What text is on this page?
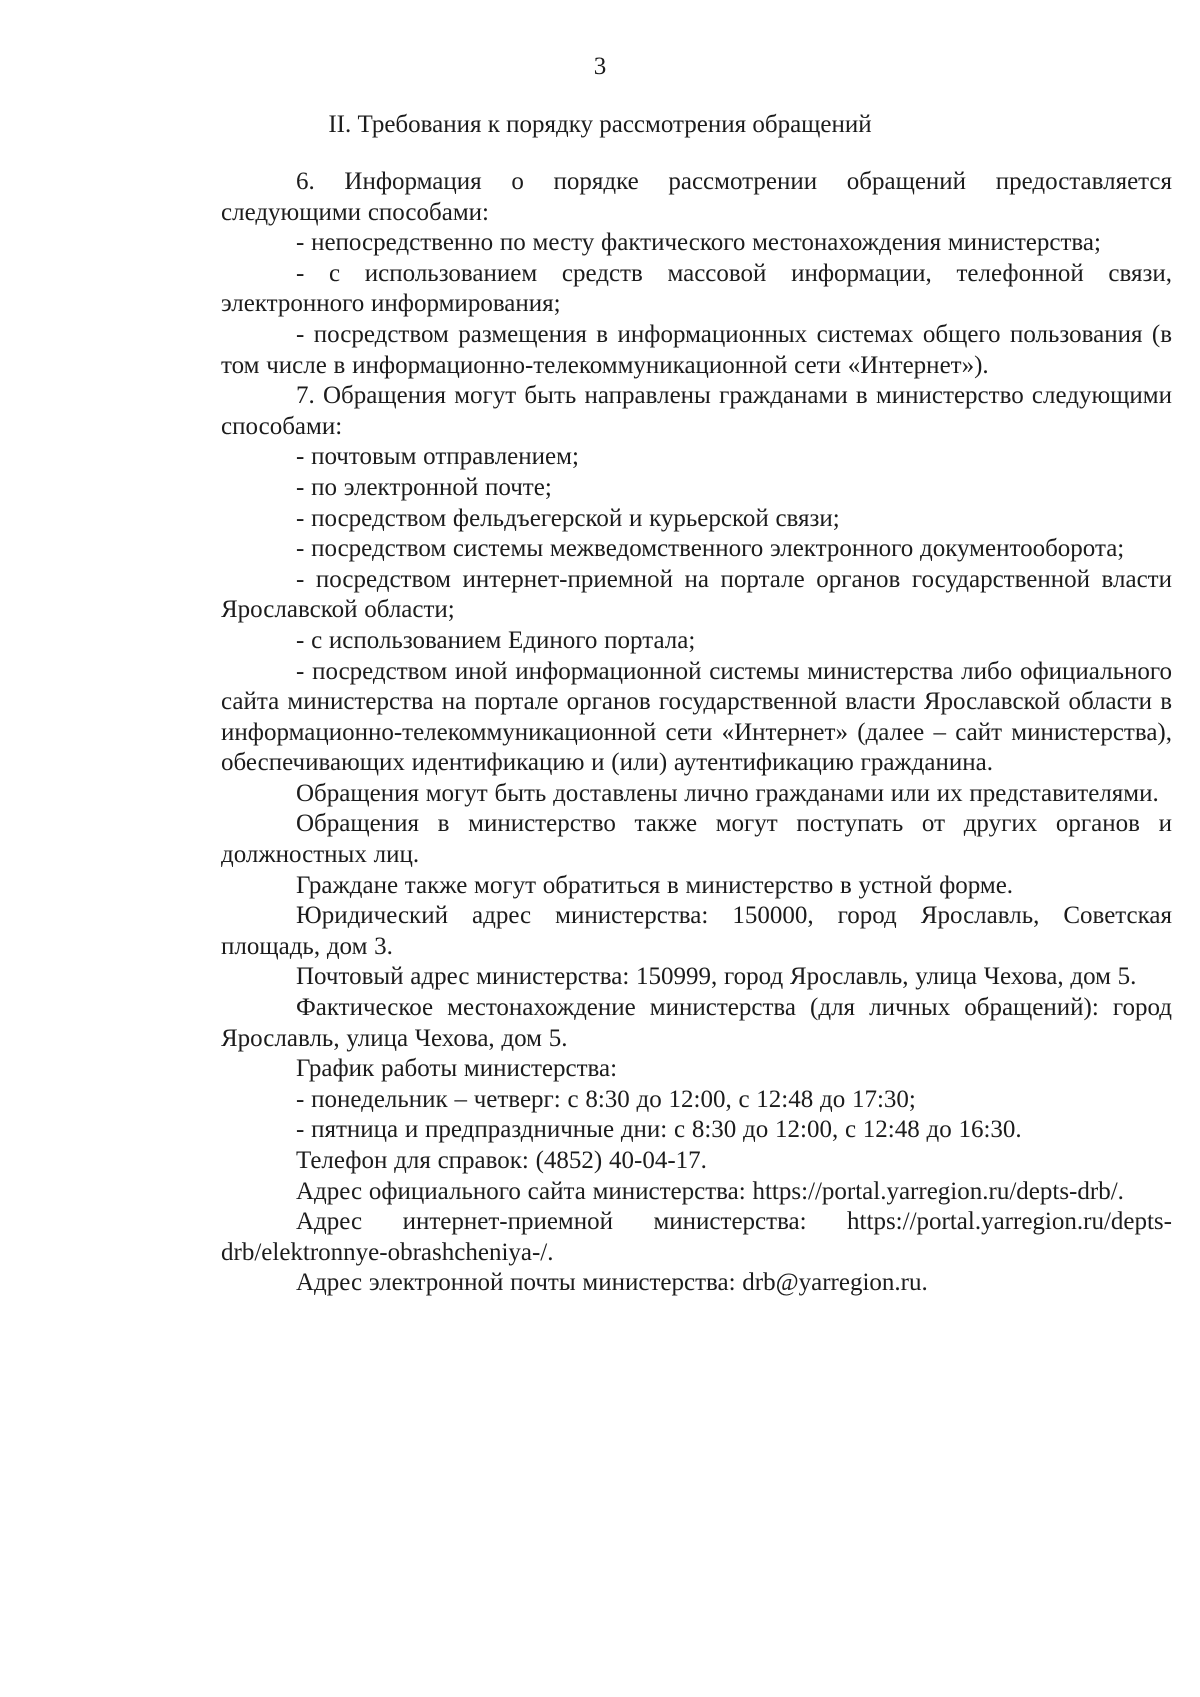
3
II. Требования к порядку рассмотрения обращений

6. Информация о порядке рассмотрении обращений предоставляется следующими способами:

- непосредственно по месту фактического местонахождения министерства;

- с использованием средств массовой информации, телефонной связи, электронного информирования;

- посредством размещения в информационных системах общего пользования (в том числе в информационно-телекоммуникационной сети «Интернет»).

7. Обращения могут быть направлены гражданами в министерство следующими способами:

- почтовым отправлением;

- по электронной почте;

- посредством фельдъегерской и курьерской связи;

- посредством системы межведомственного электронного документооборота;

- посредством интернет-приемной на портале органов государственной власти Ярославской области;

- с использованием Единого портала;

- посредством иной информационной системы министерства либо официального сайта министерства на портале органов государственной власти Ярославской области в информационно-телекоммуникационной сети «Интернет» (далее – сайт министерства), обеспечивающих идентификацию и (или) аутентификацию гражданина.

Обращения могут быть доставлены лично гражданами или их представителями.

Обращения в министерство также могут поступать от других органов и должностных лиц.

Граждане также могут обратиться в министерство в устной форме.

Юридический адрес министерства: 150000, город Ярославль, Советская площадь, дом 3.

Почтовый адрес министерства: 150999, город Ярославль, улица Чехова, дом 5.

Фактическое местонахождение министерства (для личных обращений): город Ярославль, улица Чехова, дом 5.

График работы министерства:

- понедельник – четверг: с 8:30 до 12:00, с 12:48 до 17:30;

- пятница и предпраздничные дни: с 8:30 до 12:00, с 12:48 до 16:30.

Телефон для справок: (4852) 40-04-17.

Адрес официального сайта министерства: https://portal.yarregion.ru/depts-drb/.

Адрес интернет-приемной министерства: https://portal.yarregion.ru/depts-drb/elektronnye-obrashcheniya-/.

Адрес электронной почты министерства: drb@yarregion.ru.
